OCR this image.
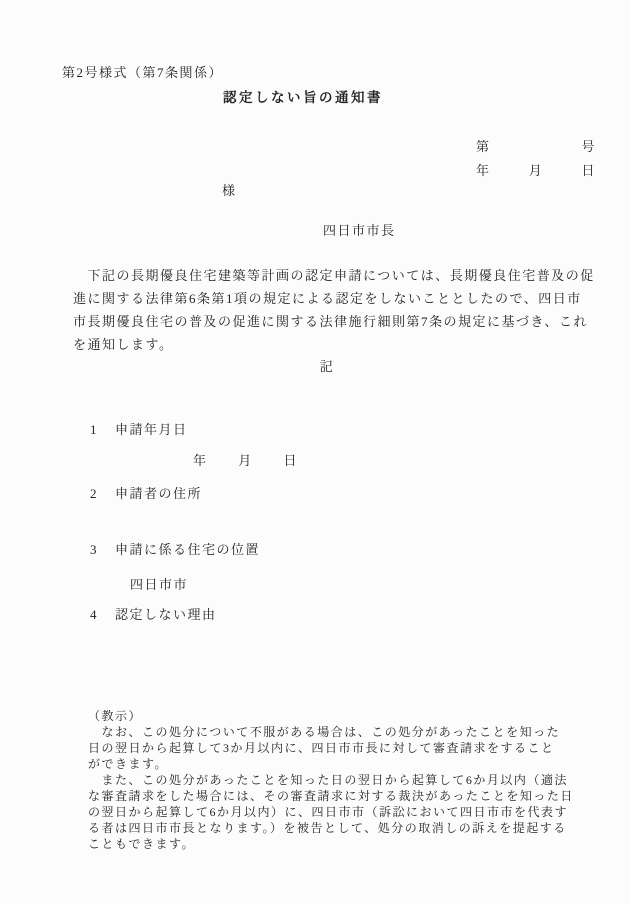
第2号様式（第7条関係）
認定しない旨の通知書
第	号
年	月	日
様
四日市市長
　下記の長期優良住宅建築等計画の認定申請については、長期優良住宅普及の促
進に関する法律第6条第1項の規定による認定をしないこととしたので、四日市
市長期優良住宅の普及の促進に関する法律施行細則第7条の規定に基づき、これ
を通知します。
記
1 申請年月日
年 月 日
2 申請者の住所
3 申請に係る住宅の位置
四日市市
4 認定しない理由
（教示）
　なお、この処分について不服がある場合は、この処分があったことを知った
日の翌日から起算して3か月以内に、四日市市長に対して審査請求をすること
ができます。
　また、この処分があったことを知った日の翌日から起算して6か月以内（適法
な審査請求をした場合には、その審査請求に対する裁決があったことを知った日
の翌日から起算して6か月以内）に、四日市市（訴訟において四日市市を代表す
る者は四日市市長となります。）を被告として、処分の取消しの訴えを提起する
こともできます。
